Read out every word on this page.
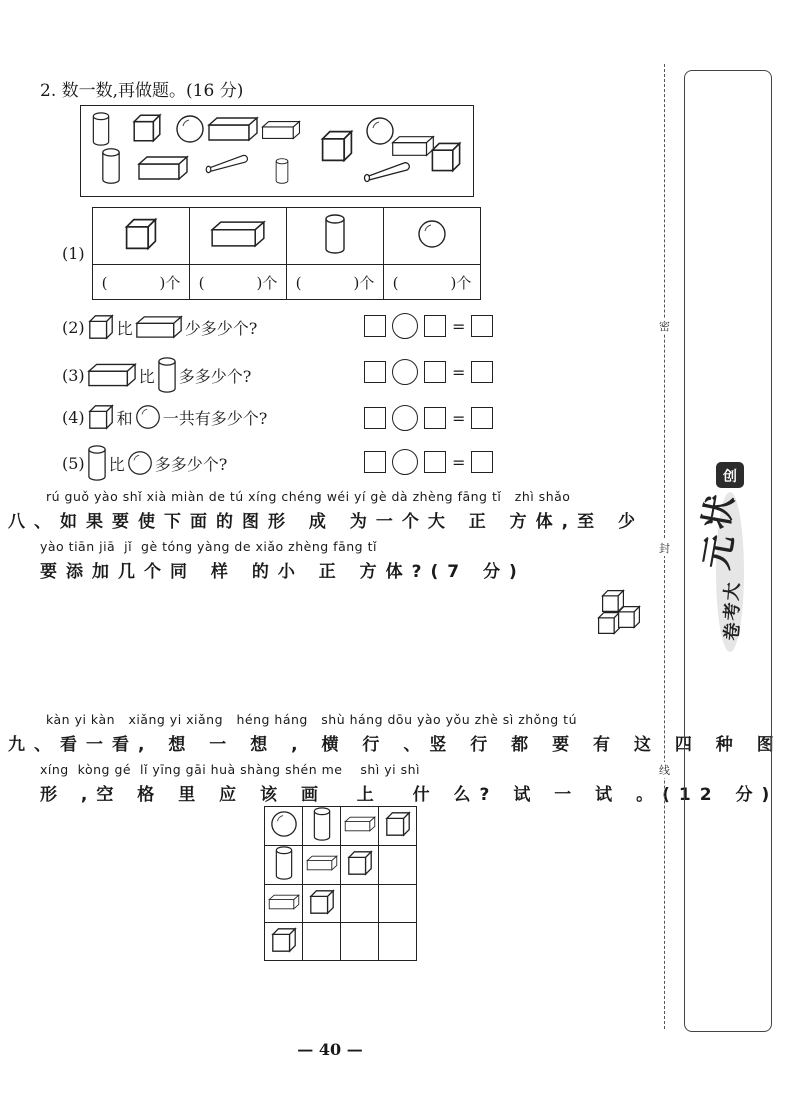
2. 数一数,再做题。(16 分)
(1)

( )个	( )个	( )个	( )个
(2) 比	少多少个?	=
(3)	比 多多少个?	=
(4) 和 一共有多少个?	=
(5) 比 多多少个?	=
rú guǒ yào shǐ xià miàn de tú xíng chéng wéi yí gè dà zhèng fāng tǐ   zhì shǎo
八、如果要使下面的图形 成 为一个大 正 方体,至 少
yào tiān jiā  jǐ  gè tóng yàng de xiǎo zhèng fāng tǐ
要添加几个同 样 的小 正 方体?(7 分)
kàn yi kàn   xiǎng yi xiǎng   héng háng   shù háng dōu yào yǒu zhè sì zhǒng tú
九、看一看, 想 一 想 , 横 行 、竖 行 都 要 有 这 四 种 图
xíng  kòng gé  lǐ yīng gāi huà shàng shén me    shì yi shì
形 ,空 格 里 应 该 画  上  什 么? 试 一 试 。(12 分)

密
封
线
创
状
元
大
考
卷
— 40 —
